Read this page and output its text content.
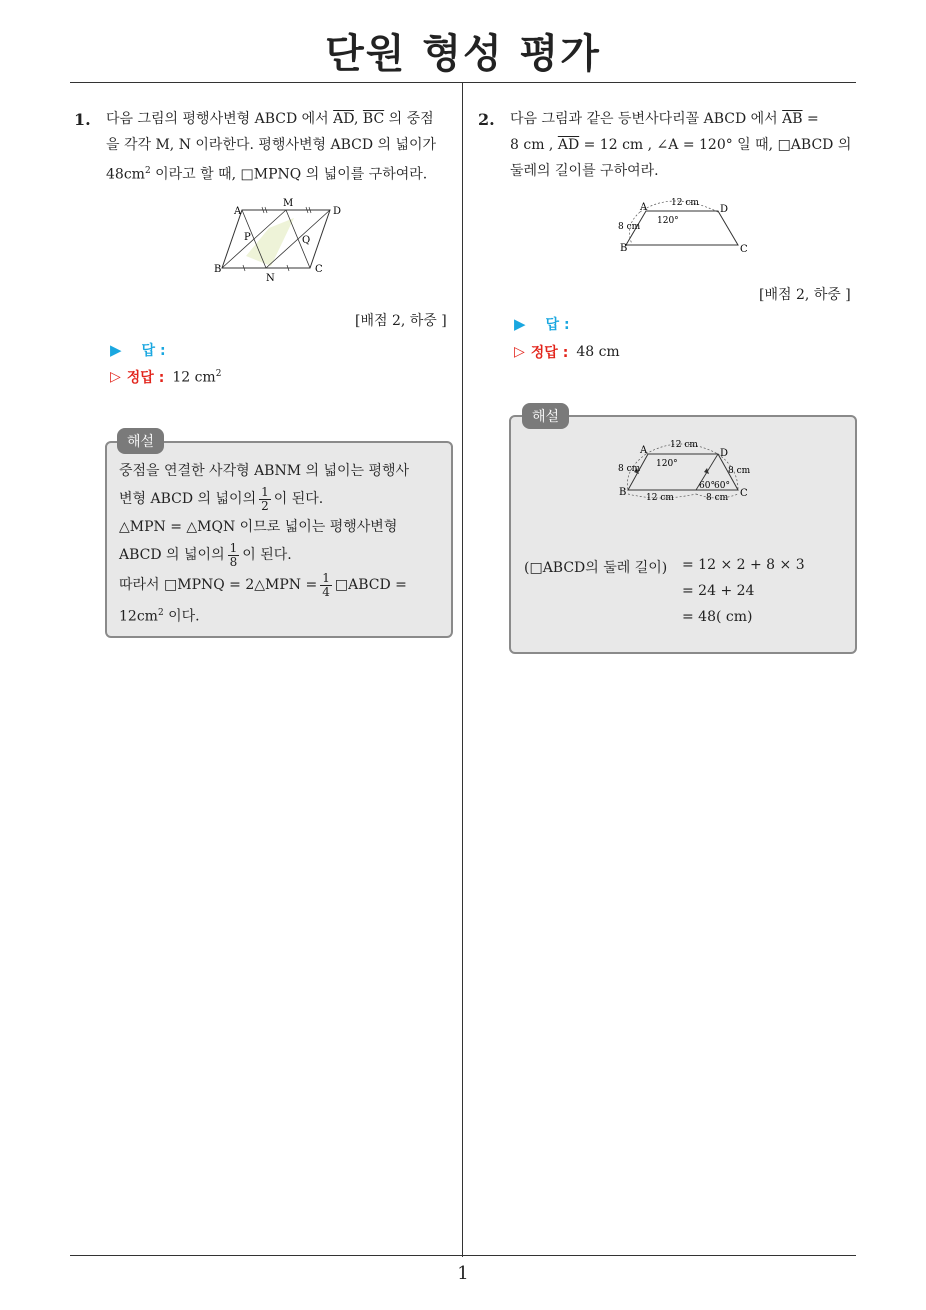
단원 형성 평가
1. 다음 그림의 평행사변형 ABCD 에서 $\overline{AD}$, $\overline{BC}$ 의 중점
을 각각 M, N 이라한다. 평행사변형 ABCD 의 넓이가
$48cm^2$ 이라고 할 때, □MPNQ 의 넓이를 구하여라.
A	D
M
B	C
N
P	Q
[배점 2, 하중 ]
▶ 답 :
▷ 정답 : 12 $cm^2$
해설
중점을 연결한 사각형 ABNM 의 넓이는 평행사
변형 ABCD 의 넓이의 $\frac{1}{2}$ 이 된다.
△MPN = △MQN 이므로 넓이는 평행사변형
ABCD 의 넓이의 $\frac{1}{8}$ 이 된다.
따라서 □MPNQ = 2△MPN = $\frac{1}{4}$ □ABCD =
$12cm^2$ 이다.
2. 다음 그림과 같은 등변사다리꼴 ABCD 에서 $\overline{AB}$ =
8 cm , $\overline{AD} = 12$ cm , ∠A = 120° 일 때, □ABCD 의
둘레의 길이를 구하여라.
A	D
B	C
12 cm
8 cm
120°
[배점 2, 하중 ]
▶ 답 :
▷ 정답 : 48 cm
해설
A	D
B	C
12 cm
8 cm	8 cm
120°
12 cm	8 cm
60° 60°
(□ABCD의 둘레 길이) = 12 × 2 + 8 × 3
= 24 + 24
= 48( cm)
1
